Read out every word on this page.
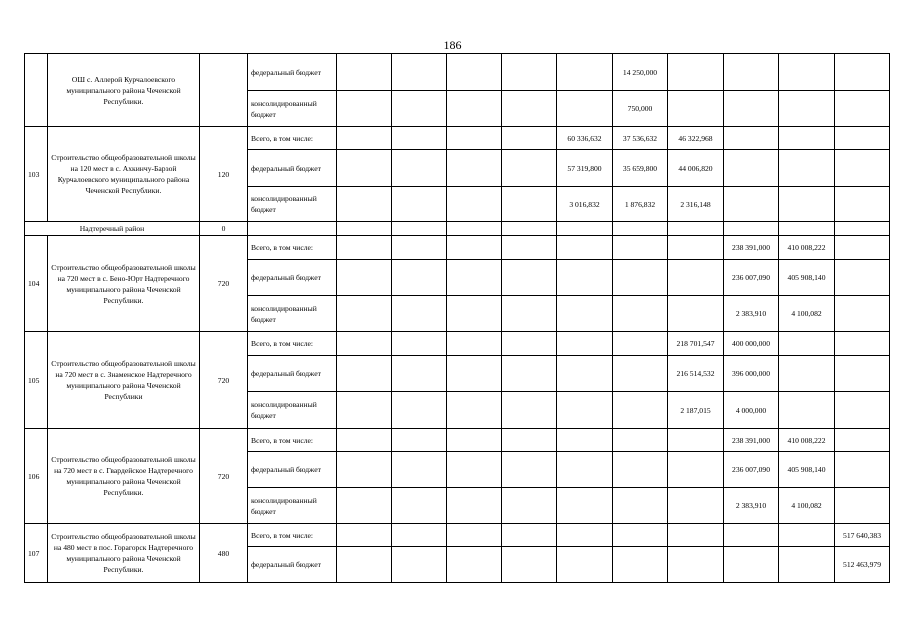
186
	ОШ с. Аллерой Курчалоевского муниципального района Чеченской Республики.		федеральный бюджет						14 250,000				
			консолидированный бюджет						750,000				
103	Строительство общеобразовательной школы на 120 мест в с. Ахкинчу-Барзой Курчалоевского муниципального района Чеченской Республики.	120	Всего, в том числе:					60 336,632	37 536,632	46 322,968			
			федеральный бюджет					57 319,800	35 659,800	44 006,820			
			консолидированный бюджет					3 016,832	1 876,832	2 316,148			
Надтеречный район		0											
104	Строительство общеобразовательной школы на 720 мест в с. Бено-Юрт Надтеречного муниципального района Чеченской Республики.	720	Всего, в том числе:								238 391,000	410 008,222	
			федеральный бюджет								236 007,090	405 908,140	
			консолидированный бюджет								2 383,910	4 100,082	
105	Строительство общеобразовательной школы на 720 мест в с. Знаменское Надтеречного муниципального района Чеченской Республики	720	Всего, в том числе:							218 701,547	400 000,000		
			федеральный бюджет							216 514,532	396 000,000		
			консолидированный бюджет							2 187,015	4 000,000		
106	Строительство общеобразовательной школы на 720 мест в с. Гвардейское Надтеречного муниципального района Чеченской Республики.	720	Всего, в том числе:								238 391,000	410 008,222	
			федеральный бюджет								236 007,090	405 908,140	
			консолидированный бюджет								2 383,910	4 100,082	
107	Строительство общеобразовательной школы на 480 мест в пос. Горагорск Надтеречного муниципального района Чеченской Республики.	480	Всего, в том числе:										517 640,383
			федеральный бюджет										512 463,979
